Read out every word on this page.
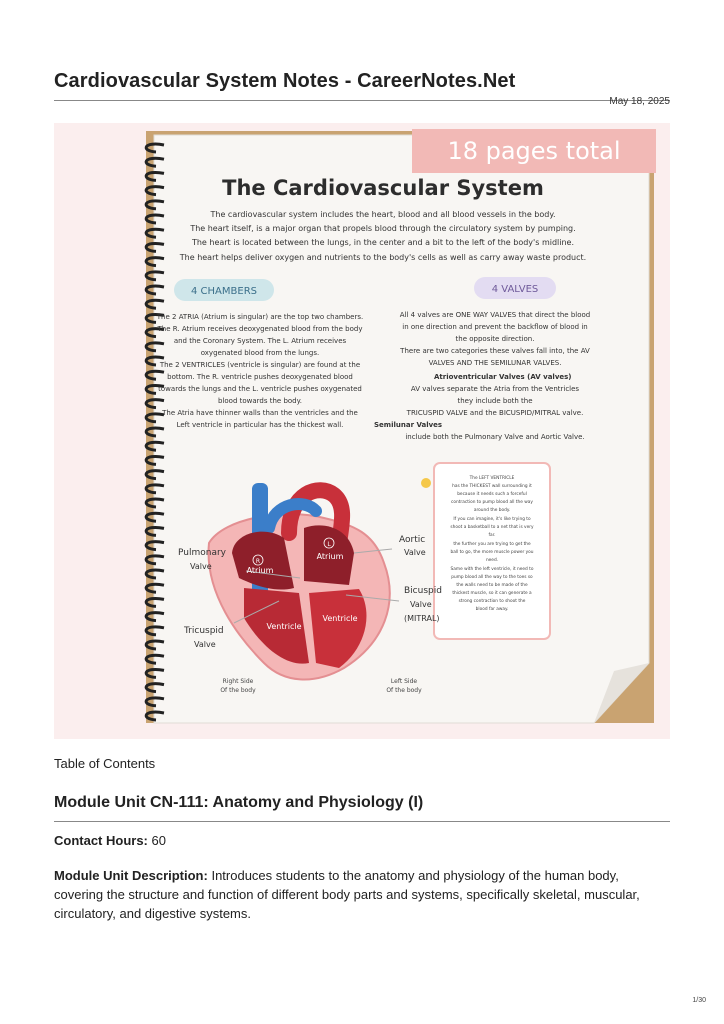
Cardiovascular System Notes - CareerNotes.Net
May 18, 2025
18 pages total
The Cardiovascular System
The cardiovascular system includes the heart, blood and all blood vessels in the body.
The heart itself, is a major organ that propels blood through the circulatory system by pumping.
The heart is located between the lungs, in the center and a bit to the left of the body's midline.
The heart helps deliver oxygen and nutrients to the body's cells as well as carry away waste product.
4 CHAMBERS	4 VALVES
The 2 ATRIA (Atrium is singular) are the top two chambers.
The R. Atrium receives deoxygenated blood from the body
and the Coronary System. The L. Atrium receives
oxygenated blood from the lungs.
The 2 VENTRICLES (ventricle is singular) are found at the
bottom. The R. ventricle pushes deoxygenated blood
towards the lungs and the L. ventricle pushes oxygenated
blood towards the body.
The Atria have thinner walls than the ventricles and the
Left ventricle in particular has the thickest wall.
All 4 valves are ONE WAY VALVES that direct the blood
in one direction and prevent the backflow of blood in
the opposite direction.
There are two categories these valves fall into, the AV
VALVES AND THE SEMILUNAR VALVES.
Atrioventricular Valves (AV valves)
AV valves separate the Atria from the Ventricles
they include both the
TRICUSPID VALVE and the BICUSPID/MITRAL valve.
Semilunar Valves
include both the Pulmonary Valve and Aortic Valve.
The LEFT VENTRICLE
has the THICKEST wall surrounding it
because it needs such a forceful
contraction to pump blood all the way
around the body.
If you can imagine, it's like trying to
shoot a basketball to a net that is very
far.
the further you are trying to get the
ball to go, the more muscle power you
need.
Same with the left ventricle, it need to
pump blood all the way to the toes so
the walls need to be made of the
thickest muscle, so it can generate a
strong contraction to shoot the
blood far away.
R
Atrium
L
Atrium
Ventricle
Ventricle
Pulmonary
Valve
Tricuspid
Valve
Aortic
Valve
Bicuspid
Valve
(MITRAL)
Right Side
Of the body
Left Side
Of the body
Table of Contents
Module Unit CN-111: Anatomy and Physiology (I)
Contact Hours: 60
Module Unit Description: Introduces students to the anatomy and physiology of the human body, covering the structure and function of different body parts and systems, specifically skeletal, muscular, circulatory, and digestive systems.
1/30
